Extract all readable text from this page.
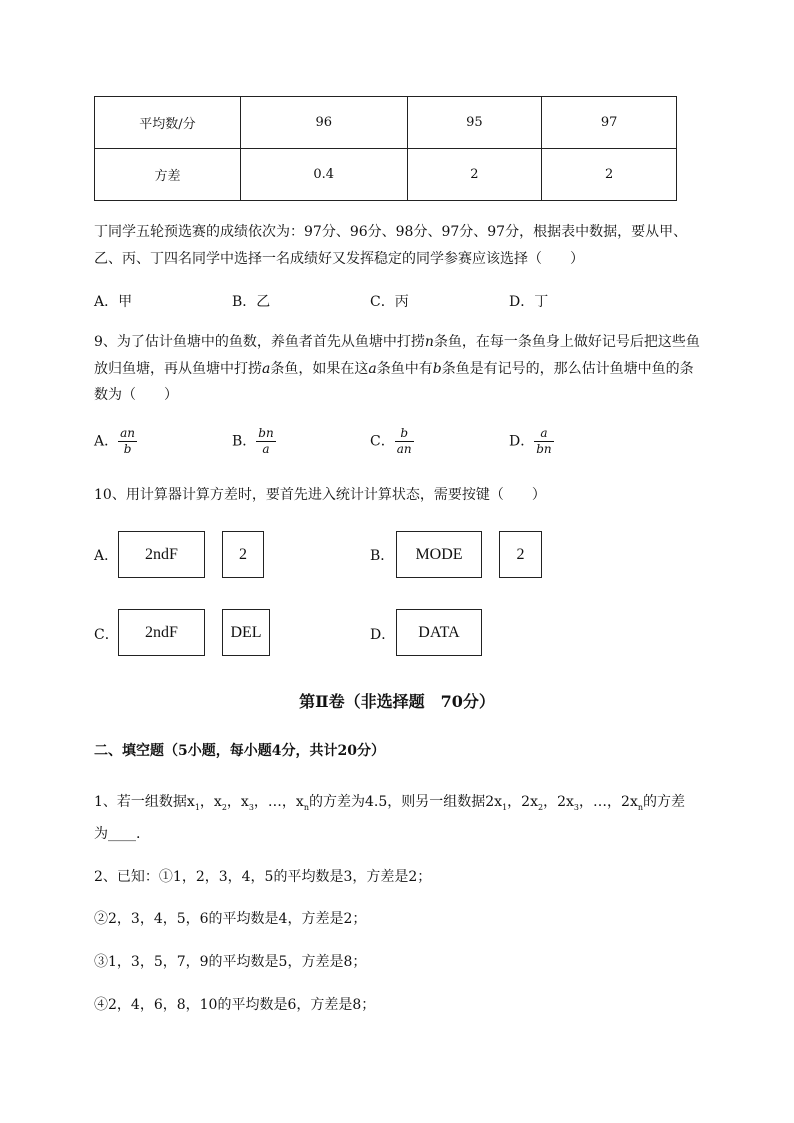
平均数/分	96	95	97
方差	0.4	2	2
丁同学五轮预选赛的成绩依次为：97分、96分、98分、97分、97分，根据表中数据，要从甲、
乙、丙、丁四名同学中选择一名成绩好又发挥稳定的同学参赛应该选择（　　）
A．甲	B．乙	C．丙	D．丁
9、为了估计鱼塘中的鱼数，养鱼者首先从鱼塘中打捞n条鱼，在每一条鱼身上做好记号后把这些鱼
放归鱼塘，再从鱼塘中打捞a条鱼，如果在这a条鱼中有b条鱼是有记号的，那么估计鱼塘中鱼的条
数为（　　）
A． $\frac{an}{b}$	B． $\frac{bn}{a}$	C． $\frac{b}{an}$	D． $\frac{a}{bn}$
10、用计算器计算方差时，要首先进入统计计算状态，需要按键（　　）
A．	2ndF	2	B．	MODE	2
C．	2ndF	DEL	D．	DATA
第Ⅱ卷（非选择题　70分）
二、填空题（5小题，每小题4分，共计20分）
1、若一组数据$x_1$，$x_2$，$x_3$，…，$x_n$的方差为4.5，则另一组数据$2x_1$，$2x_2$，$2x_3$，…，$2x_n$的方差
为____.
2、已知：①1，2，3，4，5的平均数是3，方差是2；
②2，3，4，5，6的平均数是4，方差是2；
③1，3，5，7，9的平均数是5，方差是8；
④2，4，6，8，10的平均数是6，方差是8；
